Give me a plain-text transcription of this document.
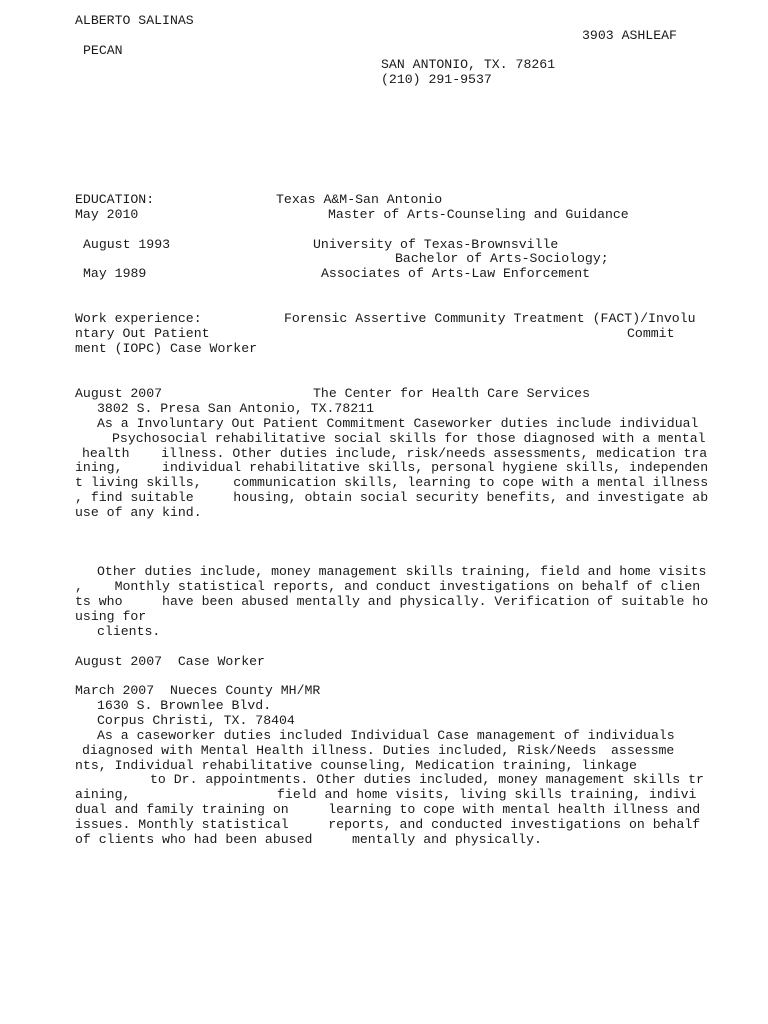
ALBERTO SALINAS

3903 ASHLEAF

PECAN

SAN ANTONIO, TX. 78261

(210) 291-9537

EDUCATION:	Texas A&M-San Antonio

May 2010	Master of Arts-Counseling and Guidance

August 1993	University of Texas-Brownsville

Bachelor of Arts-Sociology;

May 1989	Associates of Arts-Law Enforcement

Work experience:	Forensic Assertive Community Treatment (FACT)/Involu

ntary Out Patient	Commit

ment (IOPC) Case Worker

August 2007	The Center for Health Care Services

3802 S. Presa San Antonio, TX.78211

As a Involuntary Out Patient Commitment Caseworker duties include individual

Psychosocial rehabilitative social skills for those diagnosed with a mental

health    illness. Other duties include, risk/needs assessments, medication tra

ining,     individual rehabilitative skills, personal hygiene skills, independen

t living skills,    communication skills, learning to cope with a mental illness

, find suitable     housing, obtain social security benefits, and investigate ab

use of any kind.

Other duties include, money management skills training, field and home visits

,    Monthly statistical reports, and conduct investigations on behalf of clien

ts who     have been abused mentally and physically. Verification of suitable ho

using for

clients.

August 2007  Case Worker

March 2007  Nueces County MH/MR

1630 S. Brownlee Blvd.

Corpus Christi, TX. 78404

As a caseworker duties included Individual Case management of individuals

diagnosed with Mental Health illness. Duties included, Risk/Needs assessme

nts, Individual rehabilitative counseling, Medication training, linkage

to Dr. appointments. Other duties included, money management skills tr

aining,	field and home visits, living skills training, indivi

dual and family training on     learning to cope with mental health illness and

issues. Monthly statistical     reports, and conducted investigations on behalf

of clients who had been abused     mentally and physically.
